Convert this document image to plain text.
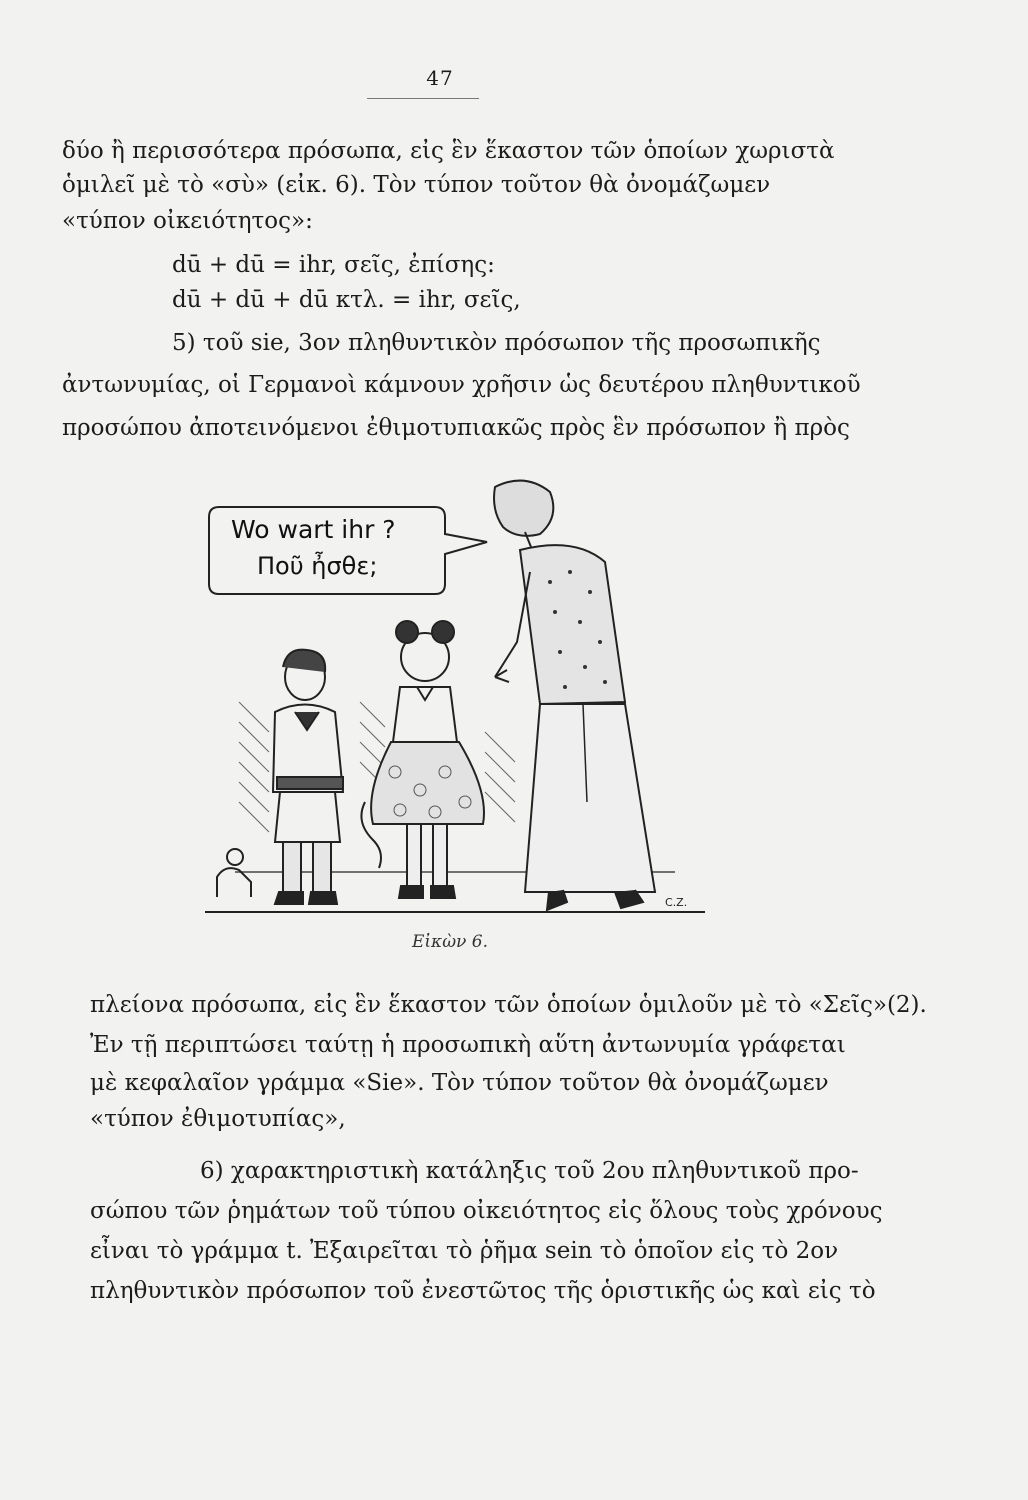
47
δύο ἢ περισσότερα πρόσωπα, εἰς ἓν ἕκαστον τῶν ὁποίων χωριστὰ
ὁμιλεῖ μὲ τὸ «σὺ» (εἰκ. 6). Τὸν τύπον τοῦτον θὰ ὀνομάζωμεν
«τύπον οἰκειότητος»:
dū + dū = ihr, σεῖς, ἐπίσης:
dū + dū + dū κτλ. = ihr, σεῖς,
5) τοῦ sie, 3ον πληθυντικὸν πρόσωπον τῆς προσωπικῆς
ἀντωνυμίας, οἱ Γερμανοὶ κάμνουν χρῆσιν ὡς δευτέρου πληθυντικοῦ
προσώπου ἀποτεινόμενοι ἐθιμοτυπιακῶς πρὸς ἓν πρόσωπον ἢ πρὸς
Wo wart ihr ?
Ποῦ ἦσθε;
C.Z.
Εἰκὼν 6.
πλείονα πρόσωπα, εἰς ἓν ἕκαστον τῶν ὁποίων ὁμιλοῦν μὲ τὸ «Σεῖς»(2).
Ἐν τῇ περιπτώσει ταύτῃ ἡ προσωπικὴ αὕτη ἀντωνυμία γράφεται
μὲ κεφαλαῖον γράμμα «Sie». Τὸν τύπον τοῦτον θὰ ὀνομάζωμεν
«τύπον ἐθιμοτυπίας»,
6) χαρακτηριστικὴ κατάληξις τοῦ 2ου πληθυντικοῦ προ-
σώπου τῶν ῥημάτων τοῦ τύπου οἰκειότητος εἰς ὅλους τοὺς χρόνους
εἶναι τὸ γράμμα t. Ἐξαιρεῖται τὸ ῥῆμα sein τὸ ὁποῖον εἰς τὸ 2ον
πληθυντικὸν πρόσωπον τοῦ ἐνεστῶτος τῆς ὁριστικῆς ὡς καὶ εἰς τὸ
